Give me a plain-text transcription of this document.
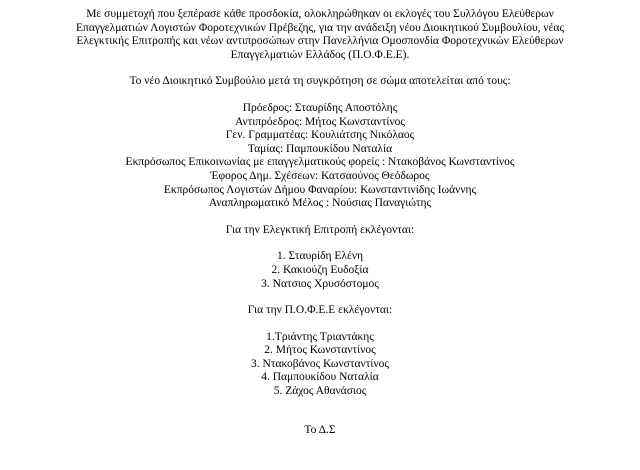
Με συμμετοχή που ξεπέρασε κάθε προσδοκία, ολοκληρώθηκαν οι εκλογές του Συλλόγου Ελεύθερων
Επαγγελματιών Λογιστών Φοροτεχνικών Πρέβεζης, για την ανάδειξη νέου Διοικητικού Συμβουλίου, νέας
Ελεγκτικής Επιτροπής και νέων αντιπροσώπων στην Πανελλήνια Ομοσπονδία Φοροτεχνικών Ελεύθερων
Επαγγελματιών Ελλάδος (Π.Ο.Φ.Ε.Ε).
Το νέο Διοικητικό Συμβούλιο μετά τη συγκρότηση σε σώμα αποτελείται από τους:
Πρόεδρος: Σταυρίδης Αποστόλης
Αντιπρόεδρος: Μήτος Κωνσταντίνος
Γεν. Γραμματέας: Κουλιάτσης Νικόλαος
Ταμίας: Παμπουκίδου Ναταλία
Εκπρόσωπος Επικοινωνίας με επαγγελματικούς φορείς : Ντακοβάνος Κωνσταντίνος
Έφορος Δημ. Σχέσεων: Κατσαούνος Θεόδωρος
Εκπρόσωπος Λογιστών Δήμου Φαναρίου: Κωνσταντινίδης Ιωάννης
Αναπληρωματικό Μέλος : Νούσιας Παναγιώτης
Για την Ελεγκτική Επιτροπή εκλέγονται:
1. Σταυρίδη Ελένη
2. Κακιούζη Ευδοξία
3. Νατσιος Χρυσόστομος
Για την Π.Ο.Φ.Ε.Ε εκλέγονται:
1.Τριάντης Τριαντάκης
2. Μήτος Κωνσταντίνος
3. Ντακοβάνος Κωνσταντίνος
4. Παμπουκίδου Ναταλία
5. Ζάχος Αθανάσιος
Το Δ.Σ
